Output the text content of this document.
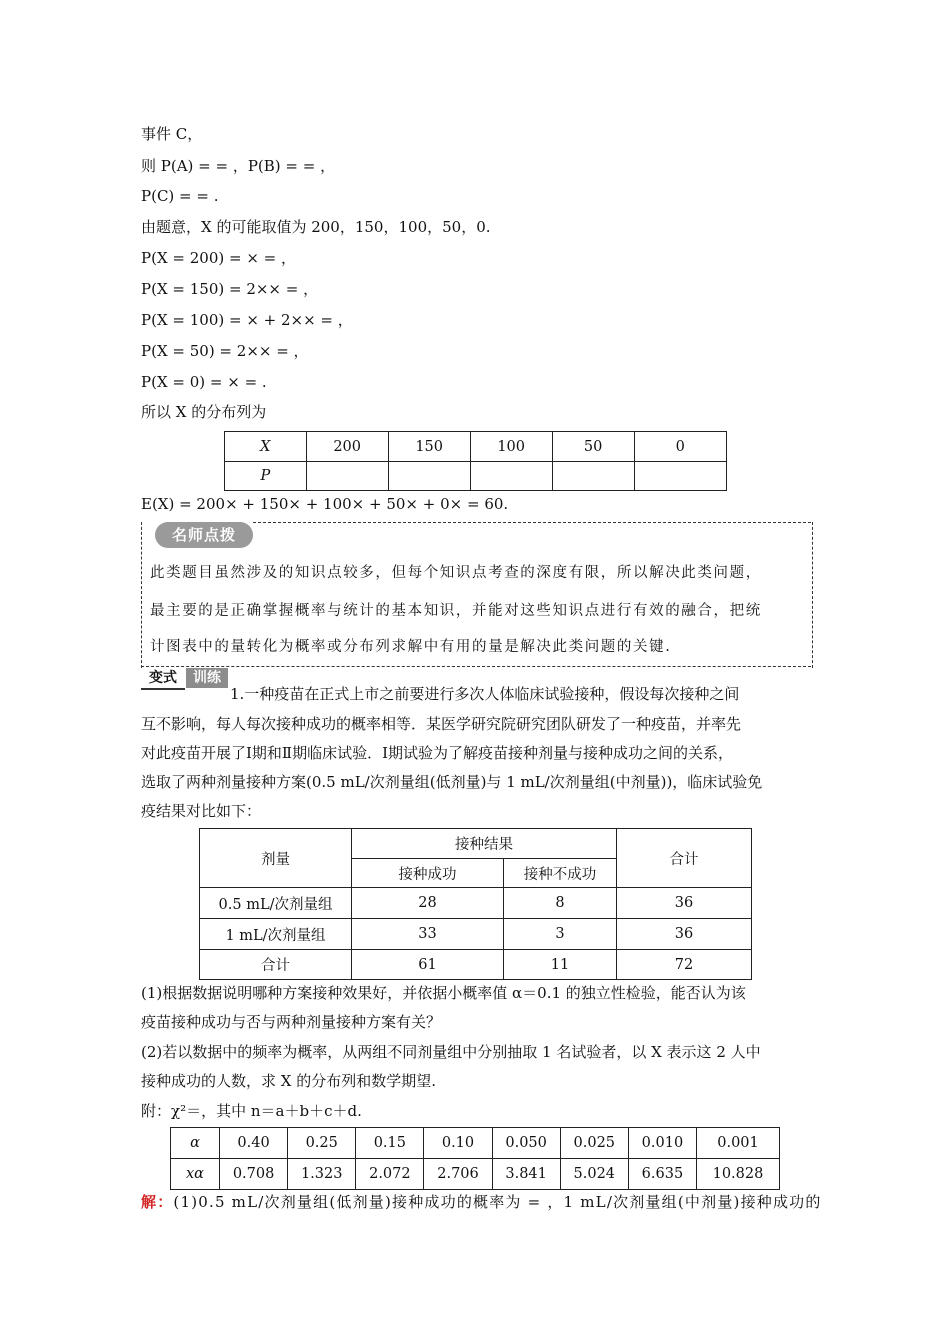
事件 C，
则 P(A) = = ，P(B) = = ，
P(C) = = .
由题意，X 的可能取值为 200，150，100，50，0.
P(X = 200) = × = ，
P(X = 150) = 2×× = ，
P(X = 100) = × + 2×× = ，
P(X = 50) = 2×× = ，
P(X = 0) = × = .
所以 X 的分布列为
X	200	150	100	50	0
P					
E(X) = 200× + 150× + 100× + 50× + 0× = 60.
名师点拨
此类题目虽然涉及的知识点较多，但每个知识点考查的深度有限，所以解决此类问题，
最主要的是正确掌握概率与统计的基本知识，并能对这些知识点进行有效的融合，把统
计图表中的量转化为概率或分布列求解中有用的量是解决此类问题的关键.
变式	训练
1.一种疫苗在正式上市之前要进行多次人体临床试验接种，假设每次接种之间
互不影响，每人每次接种成功的概率相等．某医学研究院研究团队研发了一种疫苗，并率先
对此疫苗开展了Ⅰ期和Ⅱ期临床试验．Ⅰ期试验为了解疫苗接种剂量与接种成功之间的关系，
选取了两种剂量接种方案(0.5 mL/次剂量组(低剂量)与 1 mL/次剂量组(中剂量))，临床试验免
疫结果对比如下：
剂量	接种结果		合计
	接种成功	接种不成功	
0.5 mL/次剂量组	28	8	36
1 mL/次剂量组	33	3	36
合计	61	11	72
(1)根据数据说明哪种方案接种效果好，并依据小概率值 α＝0.1 的独立性检验，能否认为该
疫苗接种成功与否与两种剂量接种方案有关？
(2)若以数据中的频率为概率，从两组不同剂量组中分别抽取 1 名试验者，以 X 表示这 2 人中
接种成功的人数，求 X 的分布列和数学期望.
附：χ²＝，其中 n＝a＋b＋c＋d.
α	0.40	0.25	0.15	0.10	0.050	0.025	0.010	0.001
xα	0.708	1.323	2.072	2.706	3.841	5.024	6.635	10.828
解：(1)0.5 mL/次剂量组(低剂量)接种成功的概率为 = ，1 mL/次剂量组(中剂量)接种成功的
